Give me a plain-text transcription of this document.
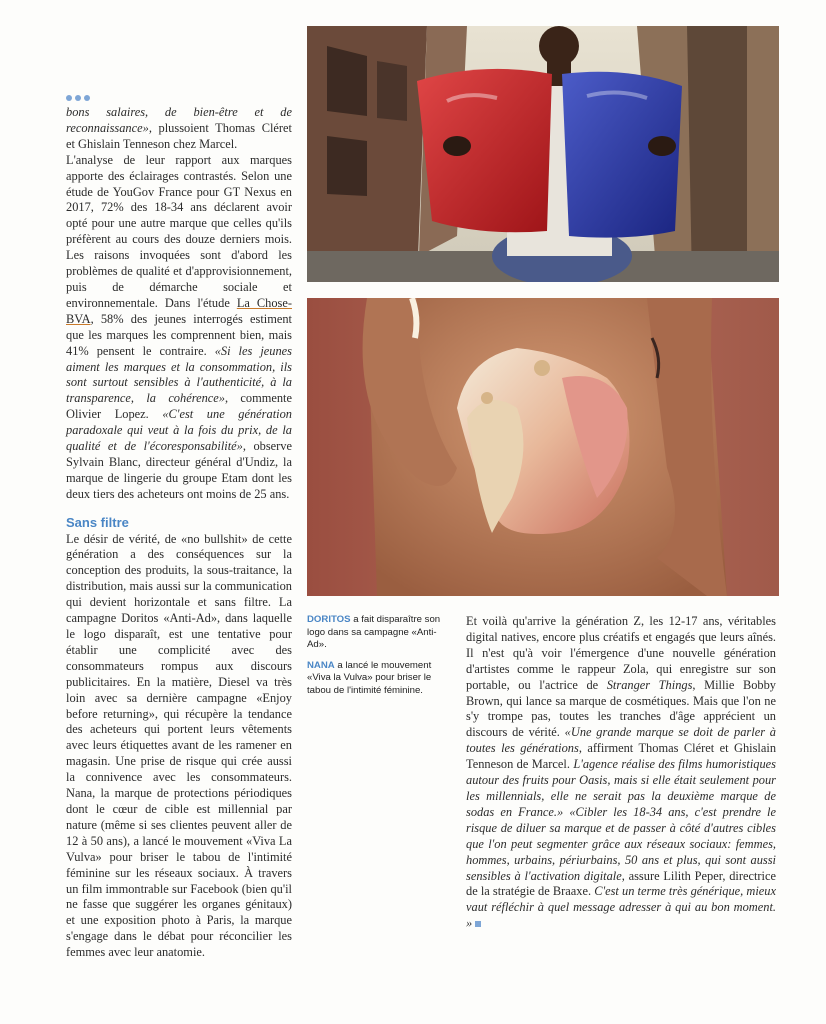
bons salaires, de bien-être et de reconnaissance», plussoient Thomas Cléret et Ghislain Tenneson chez Marcel.

L'analyse de leur rapport aux marques apporte des éclairages contrastés. Selon une étude de YouGov France pour GT Nexus en 2017, 72% des 18-34 ans déclarent avoir opté pour une autre marque que celles qu'ils préfèrent au cours des douze derniers mois. Les raisons invoquées sont d'abord les problèmes de qualité et d'approvisionnement, puis de démarche sociale et environnementale. Dans l'étude La Chose-BVA, 58% des jeunes interrogés estiment que les marques les comprennent bien, mais 41% pensent le contraire. «Si les jeunes aiment les marques et la consommation, ils sont surtout sensibles à l'authenticité, à la transparence, la cohérence», commente Olivier Lopez. «C'est une génération paradoxale qui veut à la fois du prix, de la qualité et de l'écoresponsabilité», observe Sylvain Blanc, directeur général d'Undiz, la marque de lingerie du groupe Etam dont les deux tiers des acheteurs ont moins de 25 ans.

Sans filtre

Le désir de vérité, de «no bullshit» de cette génération a des conséquences sur la conception des produits, la sous-traitance, la distribution, mais aussi sur la communication qui devient horizontale et sans filtre. La campagne Doritos «Anti-Ad», dans laquelle le logo disparaît, est une tentative pour établir une complicité avec des consommateurs rompus aux discours publicitaires. En la matière, Diesel va très loin avec sa dernière campagne «Enjoy before returning», qui récupère la tendance des acheteurs qui portent leurs vêtements avec leurs étiquettes avant de les ramener en magasin. Une prise de risque qui crée aussi la connivence avec les consommateurs. Nana, la marque de protections périodiques dont le cœur de cible est millennial par nature (même si ses clientes peuvent aller de 12 à 50 ans), a lancé le mouvement «Viva La Vulva» pour briser le tabou de l'intimité féminine sur les réseaux sociaux. À travers un film immontrable sur Facebook (bien qu'il ne fasse que suggérer les organes génitaux) et une exposition photo à Paris, la marque s'engage dans le débat pour réconcilier les femmes avec leur anatomie.

DORITOS a fait disparaître son logo dans sa campagne «Anti-Ad».

NANA a lancé le mouvement «Viva la Vulva» pour briser le tabou de l'intimité féminine.

Et voilà qu'arrive la génération Z, les 12-17 ans, véritables digital natives, encore plus créatifs et engagés que leurs aînés. Il n'est qu'à voir l'émergence d'une nouvelle génération d'artistes comme le rappeur Zola, qui enregistre sur son portable, ou l'actrice de Stranger Things, Millie Bobby Brown, qui lance sa marque de cosmétiques. Mais que l'on ne s'y trompe pas, toutes les tranches d'âge apprécient un discours de vérité. «Une grande marque se doit de parler à toutes les générations, affirment Thomas Cléret et Ghislain Tenneson de Marcel. L'agence réalise des films humoristiques autour des fruits pour Oasis, mais si elle était seulement pour les millennials, elle ne serait pas la deuxième marque de sodas en France.» «Cibler les 18-34 ans, c'est prendre le risque de diluer sa marque et de passer à côté d'autres cibles que l'on peut segmenter grâce aux réseaux sociaux: femmes, hommes, urbains, périurbains, 50 ans et plus, qui sont aussi sensibles à l'activation digitale, assure Lilith Peper, directrice de la stratégie de Braaxe. C'est un terme très générique, mieux vaut réfléchir à quel message adresser à qui au bon moment. »
